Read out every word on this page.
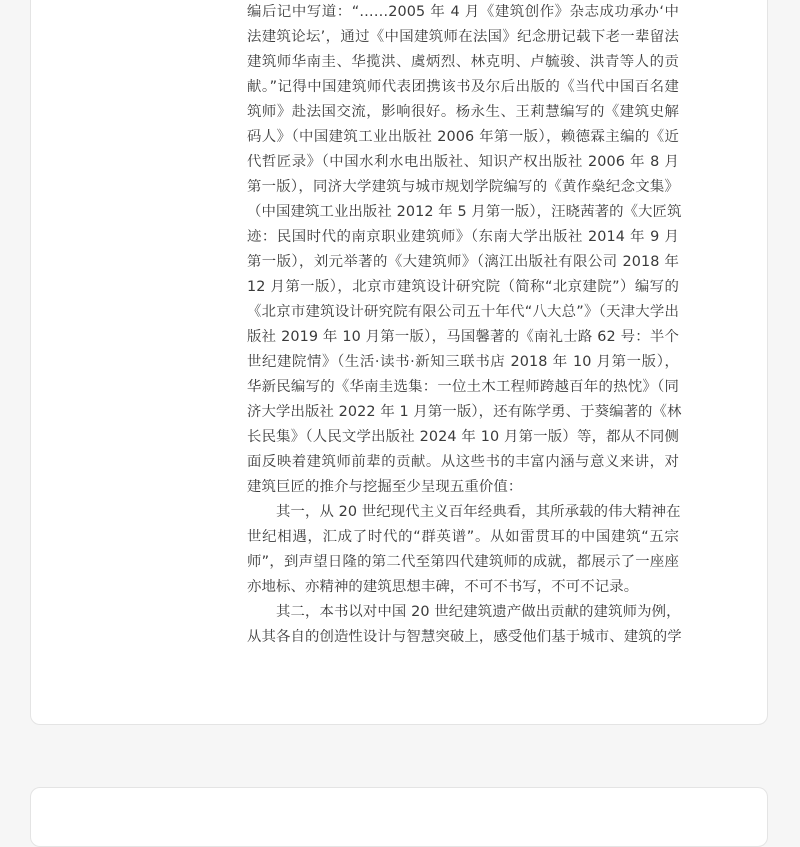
编后记中写道：“……2005 年 4 月《建筑创作》杂志成功承办‘中
法建筑论坛’，通过《中国建筑师在法国》纪念册记载下老一辈留法
建筑师华南圭、华揽洪、虞炳烈、林克明、卢毓骏、洪青等人的贡
献。”记得中国建筑师代表团携该书及尔后出版的《当代中国百名建
筑师》赴法国交流，影响很好。杨永生、王莉慧编写的《建筑史解
码人》（中国建筑工业出版社 2006 年第一版），赖德霖主编的《近
代哲匠录》（中国水利水电出版社、知识产权出版社 2006 年 8 月
第一版），同济大学建筑与城市规划学院编写的《黄作燊纪念文集》
（中国建筑工业出版社 2012 年 5 月第一版），汪晓茜著的《大匠筑
迹：民国时代的南京职业建筑师》（东南大学出版社 2014 年 9 月
第一版），刘元举著的《大建筑师》（漓江出版社有限公司 2018 年
12 月第一版），北京市建筑设计研究院（简称“北京建院”）编写的
《北京市建筑设计研究院有限公司五十年代“八大总”》（天津大学出
版社 2019 年 10 月第一版），马国馨著的《南礼士路 62 号：半个
世纪建院情》（生活·读书·新知三联书店 2018 年 10 月第一版），
华新民编写的《华南圭选集：一位土木工程师跨越百年的热忱》（同
济大学出版社 2022 年 1 月第一版），还有陈学勇、于葵编著的《林
长民集》（人民文学出版社 2024 年 10 月第一版）等，都从不同侧
面反映着建筑师前辈的贡献。从这些书的丰富内涵与意义来讲，对
建筑巨匠的推介与挖掘至少呈现五重价值：
　　其一，从 20 世纪现代主义百年经典看，其所承载的伟大精神在
世纪相遇，汇成了时代的“群英谱”。从如雷贯耳的中国建筑“五宗
师”，到声望日隆的第二代至第四代建筑师的成就，都展示了一座座
亦地标、亦精神的建筑思想丰碑，不可不书写，不可不记录。
　　其二，本书以对中国 20 世纪建筑遗产做出贡献的建筑师为例，
从其各自的创造性设计与智慧突破上，感受他们基于城市、建筑的学
